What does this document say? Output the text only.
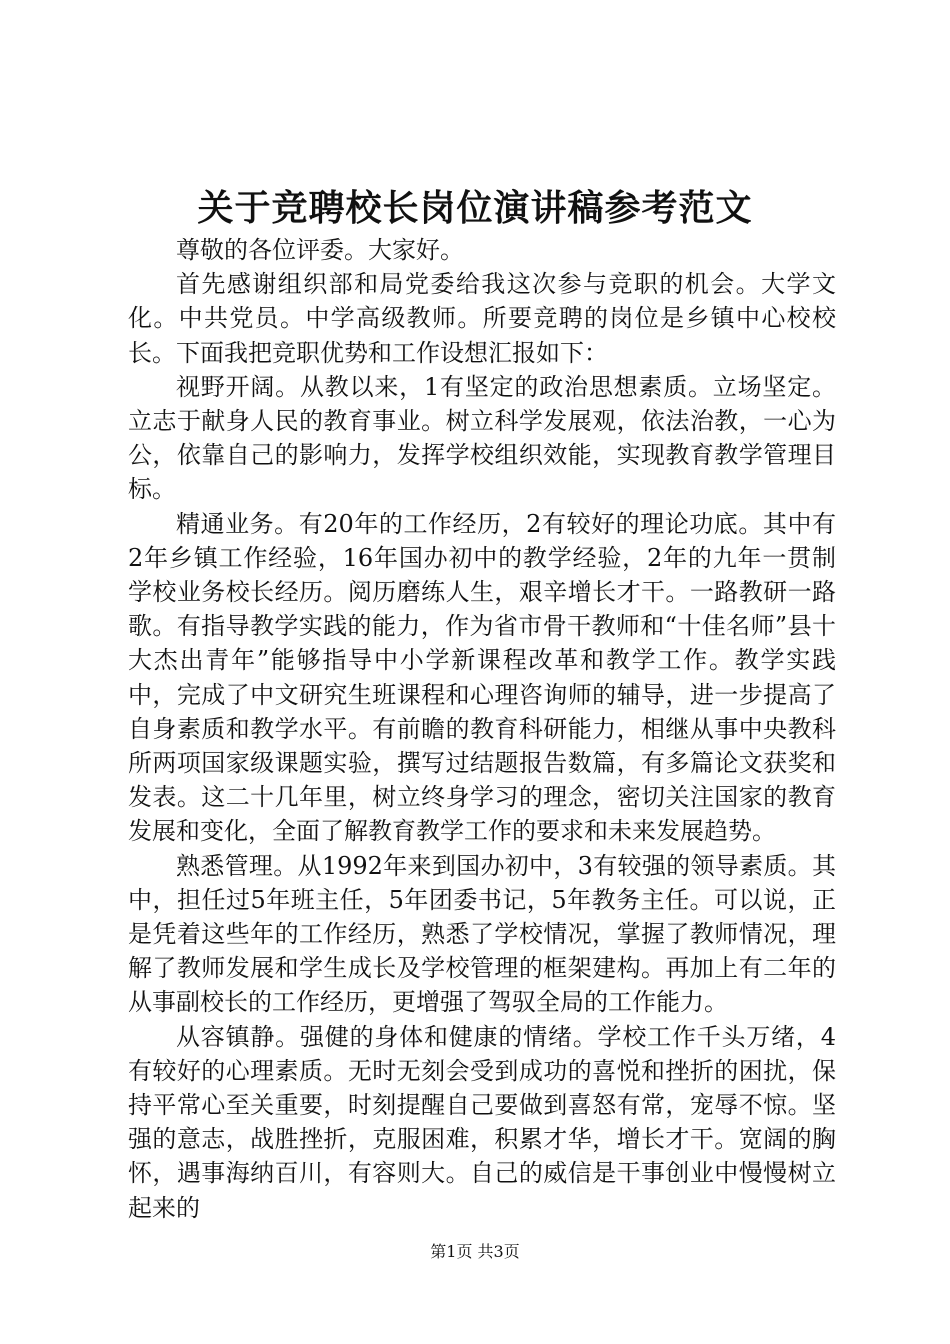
关于竞聘校长岗位演讲稿参考范文

尊敬的各位评委。大家好。

首先感谢组织部和局党委给我这次参与竞职的机会。大学文化。中共党员。中学高级教师。所要竞聘的岗位是乡镇中心校校长。下面我把竞职优势和工作设想汇报如下：

视野开阔。从教以来，1有坚定的政治思想素质。立场坚定。立志于献身人民的教育事业。树立科学发展观，依法治教，一心为公，依靠自己的影响力，发挥学校组织效能，实现教育教学管理目标。

精通业务。有20年的工作经历，2有较好的理论功底。其中有2年乡镇工作经验，16年国办初中的教学经验，2年的九年一贯制学校业务校长经历。阅历磨练人生，艰辛增长才干。一路教研一路歌。有指导教学实践的能力，作为省市骨干教师和“十佳名师”县十大杰出青年”能够指导中小学新课程改革和教学工作。教学实践中，完成了中文研究生班课程和心理咨询师的辅导，进一步提高了自身素质和教学水平。有前瞻的教育科研能力，相继从事中央教科所两项国家级课题实验，撰写过结题报告数篇，有多篇论文获奖和发表。这二十几年里，树立终身学习的理念，密切关注国家的教育发展和变化，全面了解教育教学工作的要求和未来发展趋势。

熟悉管理。从1992年来到国办初中，3有较强的领导素质。其中，担任过5年班主任，5年团委书记，5年教务主任。可以说，正是凭着这些年的工作经历，熟悉了学校情况，掌握了教师情况，理解了教师发展和学生成长及学校管理的框架建构。再加上有二年的从事副校长的工作经历，更增强了驾驭全局的工作能力。

从容镇静。强健的身体和健康的情绪。学校工作千头万绪，4有较好的心理素质。无时无刻会受到成功的喜悦和挫折的困扰，保持平常心至关重要，时刻提醒自己要做到喜怒有常，宠辱不惊。坚强的意志，战胜挫折，克服困难，积累才华，增长才干。宽阔的胸怀，遇事海纳百川，有容则大。自己的威信是干事创业中慢慢树立起来的

第1页 共3页
